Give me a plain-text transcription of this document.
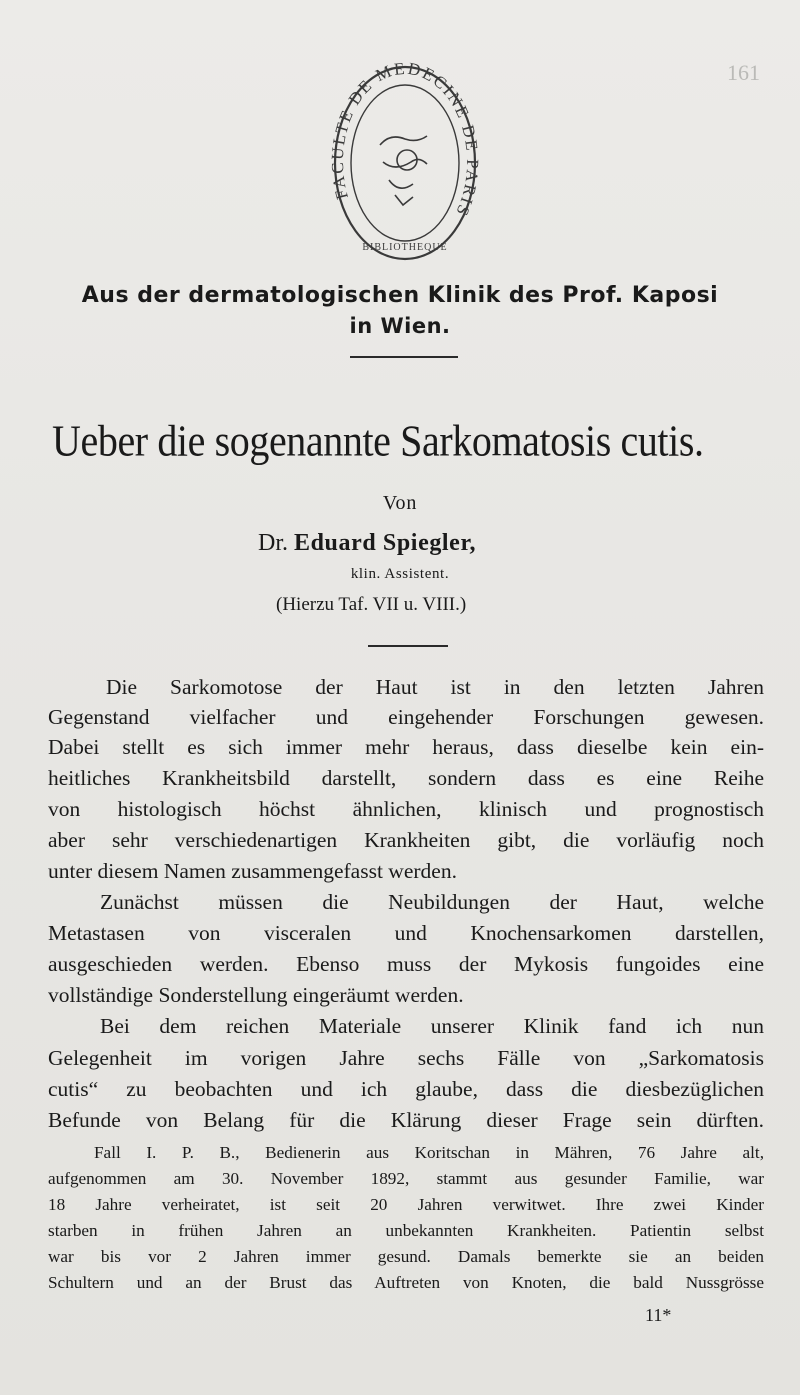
161
FACULTE DE MEDECINE DE PARIS
BIBLIOTHEQUE
Aus der dermatologischen Klinik des Prof. Kaposi
in Wien.
Ueber die sogenannte Sarkomatosis cutis.
Von
Dr. Eduard Spiegler,
klin. Assistent.
(Hierzu Taf. VII u. VIII.)
Die Sarkomotose der Haut ist in den letzten Jahren
Gegenstand vielfacher und eingehender Forschungen gewesen.
Dabei stellt es sich immer mehr heraus, dass dieselbe kein ein-
heitliches Krankheitsbild darstellt, sondern dass es eine Reihe
von histologisch höchst ähnlichen, klinisch und prognostisch
aber sehr verschiedenartigen Krankheiten gibt, die vorläufig noch
unter diesem Namen zusammengefasst werden.
Zunächst müssen die Neubildungen der Haut, welche
Metastasen von visceralen und Knochensarkomen darstellen,
ausgeschieden werden. Ebenso muss der Mykosis fungoides eine
vollständige Sonderstellung eingeräumt werden.
Bei dem reichen Materiale unserer Klinik fand ich nun
Gelegenheit im vorigen Jahre sechs Fälle von „Sarkomatosis
cutis“ zu beobachten und ich glaube, dass die diesbezüglichen
Befunde von Belang für die Klärung dieser Frage sein dürften.
Fall I. P. B., Bedienerin aus Koritschan in Mähren, 76 Jahre alt,
aufgenommen am 30. November 1892, stammt aus gesunder Familie, war
18 Jahre verheiratet, ist seit 20 Jahren verwitwet. Ihre zwei Kinder
starben in frühen Jahren an unbekannten Krankheiten. Patientin selbst
war bis vor 2 Jahren immer gesund. Damals bemerkte sie an beiden
Schultern und an der Brust das Auftreten von Knoten, die bald Nussgrösse
11*
